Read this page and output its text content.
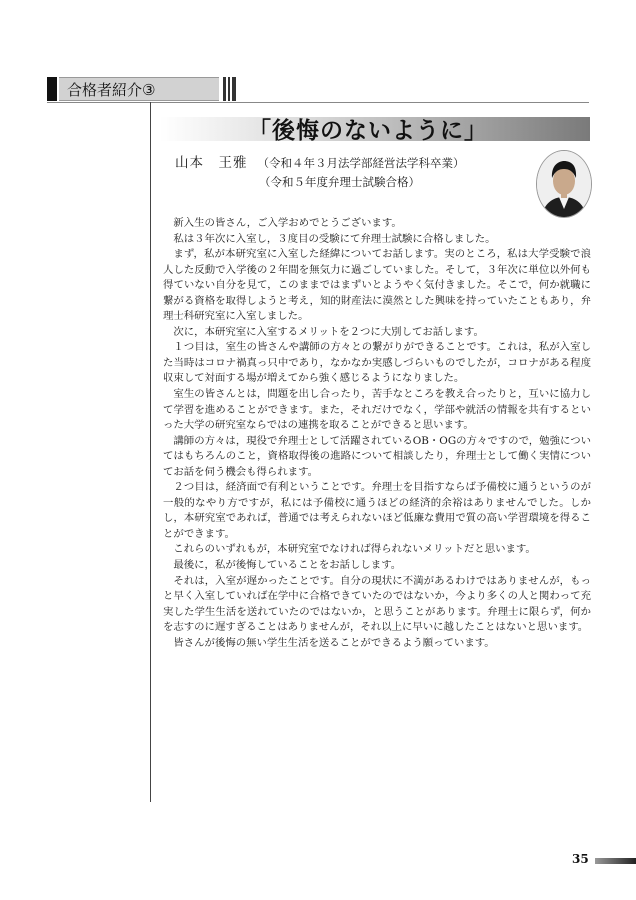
合格者紹介③
「後悔のないように」
山本　王雅 （令和４年３月法学部経営法学科卒業）
（令和５年度弁理士試験合格）

新入生の皆さん，ご入学おめでとうございます。

私は３年次に入室し，３度目の受験にて弁理士試験に合格しました。

まず，私が本研究室に入室した経緯についてお話します。実のところ，私は大学受験で浪人した反動で入学後の２年間を無気力に過ごしていました。そして，３年次に単位以外何も得ていない自分を見て，このままではまずいとようやく気付きました。そこで，何か就職に繋がる資格を取得しようと考え，知的財産法に漠然とした興味を持っていたこともあり，弁理士科研究室に入室しました。

次に，本研究室に入室するメリットを２つに大別してお話します。

１つ目は，室生の皆さんや講師の方々との繋がりができることです。これは，私が入室した当時はコロナ禍真っ只中であり，なかなか実感しづらいものでしたが，コロナがある程度収束して対面する場が増えてから強く感じるようになりました。

室生の皆さんとは，問題を出し合ったり，苦手なところを教え合ったりと，互いに協力して学習を進めることができます。また，それだけでなく，学部や就活の情報を共有するといった大学の研究室ならではの連携を取ることができると思います。

講師の方々は，現役で弁理士として活躍されているOB・OGの方々ですので，勉強についてはもちろんのこと，資格取得後の進路について相談したり，弁理士として働く実情についてお話を伺う機会も得られます。

２つ目は，経済面で有利ということです。弁理士を目指すならば予備校に通うというのが一般的なやり方ですが，私には予備校に通うほどの経済的余裕はありませんでした。しかし，本研究室であれば，普通では考えられないほど低廉な費用で質の高い学習環境を得ることができます。

これらのいずれもが，本研究室でなければ得られないメリットだと思います。

最後に，私が後悔していることをお話しします。

それは，入室が遅かったことです。自分の現状に不満があるわけではありませんが，もっと早く入室していれば在学中に合格できていたのではないか，今より多くの人と関わって充実した学生生活を送れていたのではないか，と思うことがあります。弁理士に限らず，何かを志すのに遅すぎることはありませんが，それ以上に早いに越したことはないと思います。

皆さんが後悔の無い学生生活を送ることができるよう願っています。

35
